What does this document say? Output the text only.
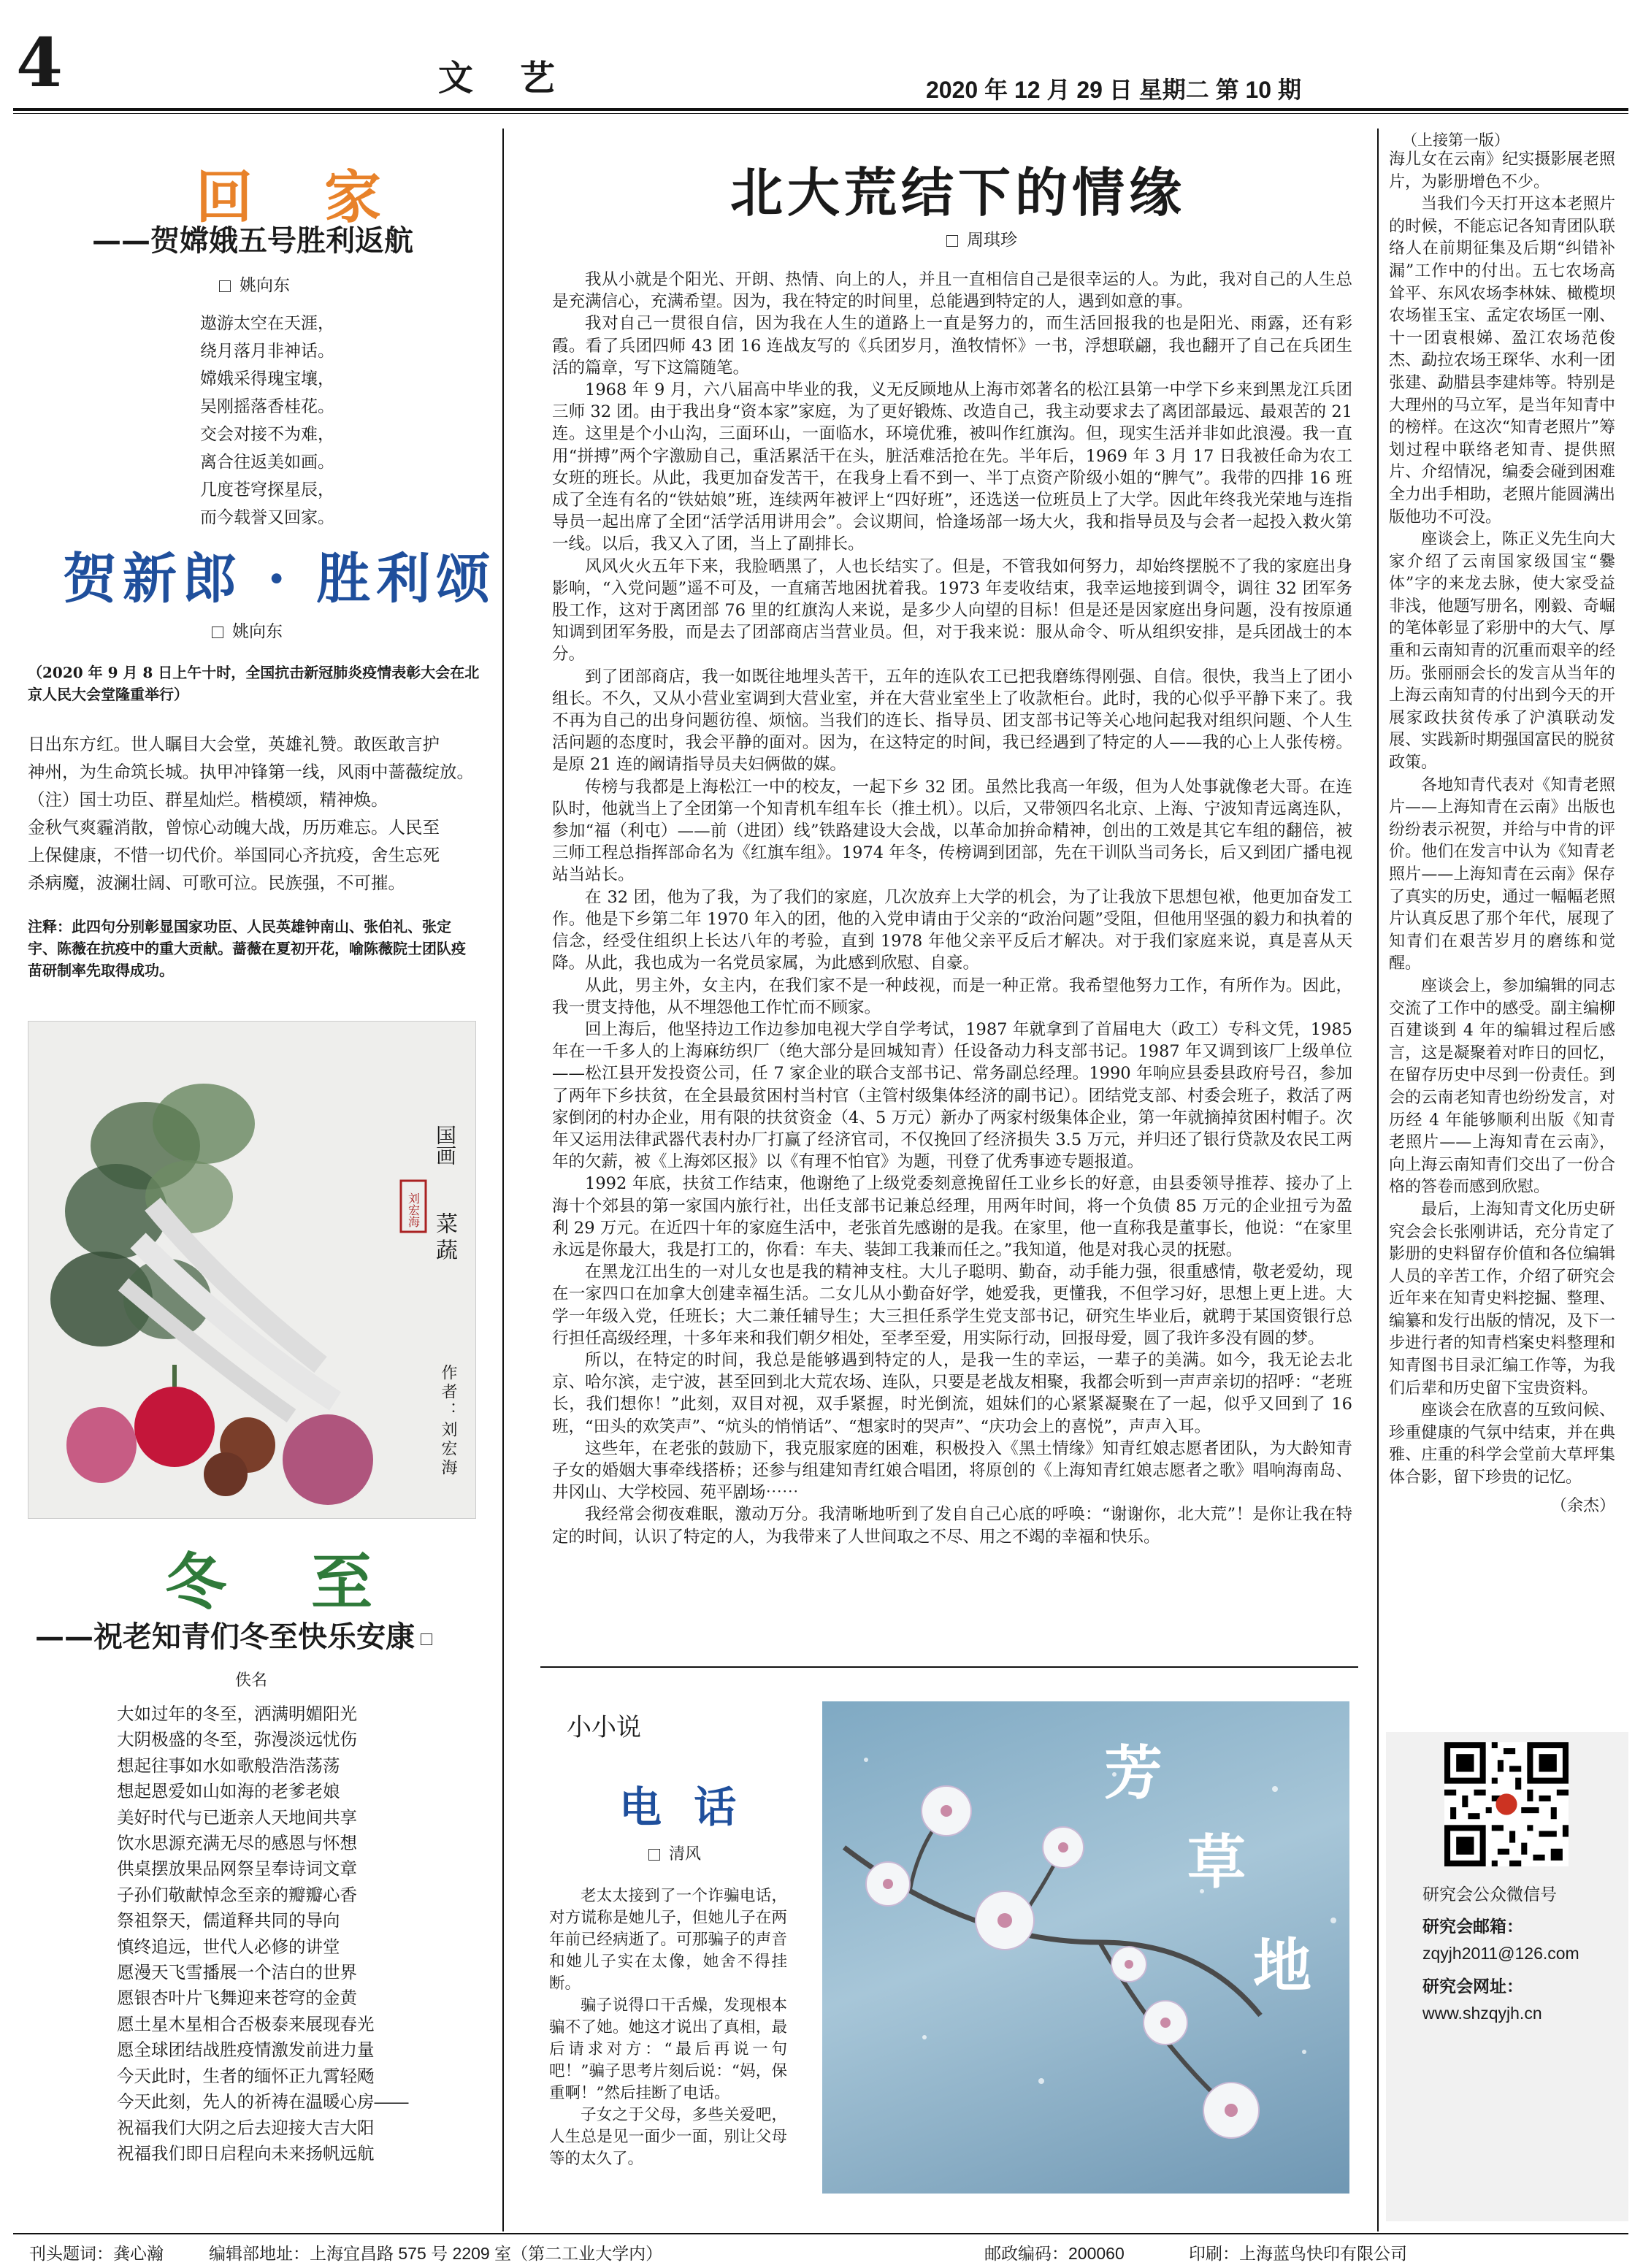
4	文　艺	2020 年 12 月 29 日 星期二 第 10 期
回　家
——贺嫦娥五号胜利返航
姚向东
遨游太空在天涯，
绕月落月非神话。
嫦娥采得瑰宝壤，
吴刚摇落香桂花。
交会对接不为难，
离合往返美如画。
几度苍穹探星辰，
而今载誉又回家。
贺新郎 · 胜利颂
姚向东
（2020 年 9 月 8 日上午十时，全国抗击新冠肺炎疫情表彰大会在北京人民大会堂隆重举行）
日出东方红。世人瞩目大会堂，英雄礼赞。敢医敢言护
神州，为生命筑长城。执甲冲锋第一线，风雨中蔷薇绽放。
（注）国士功臣、群星灿烂。楷模颂，精神焕。
金秋气爽霾消散，曾惊心动魄大战，历历难忘。人民至
上保健康，不惜一切代价。举国同心齐抗疫，舍生忘死
杀病魔，波澜壮阔、可歌可泣。民族强，不可摧。
注释：此四句分别彰显国家功臣、人民英雄钟南山、张伯礼、张定宇、陈薇在抗疫中的重大贡献。蔷薇在夏初开花，喻陈薇院士团队疫苗研制率先取得成功。
刘宏海
国画
菜蔬
作者：刘宏海
冬　至
——祝老知青们冬至快乐安康
佚名
大如过年的冬至，洒满明媚阳光
大阴极盛的冬至，弥漫淡远忧伤
想起往事如水如歌般浩浩荡荡
想起恩爱如山如海的老爹老娘
美好时代与已逝亲人天地间共享
饮水思源充满无尽的感恩与怀想
供桌摆放果品网祭呈奉诗词文章
子孙们敬献悼念至亲的瓣瓣心香
祭祖祭天，儒道释共同的导向
慎终追远，世代人必修的讲堂
愿漫天飞雪播展一个洁白的世界
愿银杏叶片飞舞迎来苍穹的金黄
愿土星木星相合否极泰来展现春光
愿全球团结战胜疫情激发前进力量
今天此时，生者的缅怀正九霄轻飏
今天此刻，先人的祈祷在温暖心房——
祝福我们大阴之后去迎接大吉大阳
祝福我们即日启程向未来扬帆远航
北大荒结下的情缘
周琪珍

我从小就是个阳光、开朗、热情、向上的人，并且一直相信自己是很幸运的人。为此，我对自己的人生总是充满信心，充满希望。因为，我在特定的时间里，总能遇到特定的人，遇到如意的事。

我对自己一贯很自信，因为我在人生的道路上一直是努力的，而生活回报我的也是阳光、雨露，还有彩霞。看了兵团四师 43 团 16 连战友写的《兵团岁月，渔牧情怀》一书，浮想联翩，我也翻开了自己在兵团生活的篇章，写下这篇随笔。

1968 年 9 月，六八届高中毕业的我，义无反顾地从上海市郊著名的松江县第一中学下乡来到黑龙江兵团三师 32 团。由于我出身“资本家”家庭，为了更好锻炼、改造自己，我主动要求去了离团部最远、最艰苦的 21 连。这里是个小山沟，三面环山，一面临水，环境优雅，被叫作红旗沟。但，现实生活并非如此浪漫。我一直用“拼搏”两个字激励自己，重活累活干在头，脏活难活抢在先。半年后，1969 年 3 月 17 日我被任命为农工女班的班长。从此，我更加奋发苦干，在我身上看不到一、半丁点资产阶级小姐的“脾气”。我带的四排 16 班成了全连有名的“铁姑娘”班，连续两年被评上“四好班”，还选送一位班员上了大学。因此年终我光荣地与连指导员一起出席了全团“活学活用讲用会”。会议期间，恰逢场部一场大火，我和指导员及与会者一起投入救火第一线。以后，我又入了团，当上了副排长。

风风火火五年下来，我脸晒黑了，人也长结实了。但是，不管我如何努力，却始终摆脱不了我的家庭出身影响，“入党问题”遥不可及，一直痛苦地困扰着我。1973 年麦收结束，我幸运地接到调令，调往 32 团军务股工作，这对于离团部 76 里的红旗沟人来说，是多少人向望的目标！但是还是因家庭出身问题，没有按原通知调到团军务股，而是去了团部商店当营业员。但，对于我来说：服从命令、听从组织安排，是兵团战士的本分。

到了团部商店，我一如既往地埋头苦干，五年的连队农工已把我磨练得刚强、自信。很快，我当上了团小组长。不久，又从小营业室调到大营业室，并在大营业室坐上了收款柜台。此时，我的心似乎平静下来了。我不再为自己的出身问题彷徨、烦恼。当我们的连长、指导员、团支部书记等关心地问起我对组织问题、个人生活问题的态度时，我会平静的面对。因为，在这特定的时间，我已经遇到了特定的人——我的心上人张传榜。是原 21 连的阚请指导员夫妇俩做的媒。

传榜与我都是上海松江一中的校友，一起下乡 32 团。虽然比我高一年级，但为人处事就像老大哥。在连队时，他就当上了全团第一个知青机车组车长（推土机）。以后，又带领四名北京、上海、宁波知青远离连队，参加“福（利屯）——前（进团）线”铁路建设大会战，以革命加拚命精神，创出的工效是其它车组的翻倍，被三师工程总指挥部命名为《红旗车组》。1974 年冬，传榜调到团部，先在干训队当司务长，后又到团广播电视站当站长。

在 32 团，他为了我，为了我们的家庭，几次放弃上大学的机会，为了让我放下思想包袱，他更加奋发工作。他是下乡第二年 1970 年入的团，他的入党申请由于父亲的“政治问题”受阻，但他用坚强的毅力和执着的信念，经受住组织上长达八年的考验，直到 1978 年他父亲平反后才解决。对于我们家庭来说，真是喜从天降。从此，我也成为一名党员家属，为此感到欣慰、自豪。

从此，男主外，女主内，在我们家不是一种歧视，而是一种正常。我希望他努力工作，有所作为。因此，我一贯支持他，从不埋怨他工作忙而不顾家。

回上海后，他坚持边工作边参加电视大学自学考试，1987 年就拿到了首届电大（政工）专科文凭，1985 年在一千多人的上海麻纺织厂（绝大部分是回城知青）任设备动力科支部书记。1987 年又调到该厂上级单位——松江县开发投资公司，任 7 家企业的联合支部书记、常务副总经理。1990 年响应县委县政府号召，参加了两年下乡扶贫，在全县最贫困村当村官（主管村级集体经济的副书记）。团结党支部、村委会班子，救活了两家倒闭的村办企业，用有限的扶贫资金（4、5 万元）新办了两家村级集体企业，第一年就摘掉贫困村帽子。次年又运用法律武器代表村办厂打赢了经济官司，不仅挽回了经济损失 3.5 万元，并归还了银行贷款及农民工两年的欠薪，被《上海郊区报》以《有理不怕官》为题，刊登了优秀事迹专题报道。

1992 年底，扶贫工作结束，他谢绝了上级党委刻意挽留任工业乡长的好意，由县委领导推荐、接办了上海十个郊县的第一家国内旅行社，出任支部书记兼总经理，用两年时间，将一个负债 85 万元的企业扭亏为盈利 29 万元。在近四十年的家庭生活中，老张首先感谢的是我。在家里，他一直称我是董事长，他说：“在家里永远是你最大，我是打工的，你看：车夫、装卸工我兼而任之。”我知道，他是对我心灵的抚慰。

在黑龙江出生的一对儿女也是我的精神支柱。大儿子聪明、勤奋，动手能力强，很重感情，敬老爱幼，现在一家四口在加拿大创建幸福生活。二女儿从小勤奋好学，她爱我，更懂我，不但学习好，思想上更上进。大学一年级入党，任班长；大二兼任辅导生；大三担任系学生党支部书记，研究生毕业后，就聘于某国资银行总行担任高级经理，十多年来和我们朝夕相处，至孝至爱，用实际行动，回报母爱，圆了我许多没有圆的梦。

所以，在特定的时间，我总是能够遇到特定的人，是我一生的幸运，一辈子的美满。如今，我无论去北京、哈尔滨，走宁波，甚至回到北大荒农场、连队，只要是老战友相聚，我都会听到一声声亲切的招呼：“老班长，我们想你！”此刻，双目对视，双手紧握，时光倒流，姐妹们的心紧紧凝聚在了一起，似乎又回到了 16 班，“田头的欢笑声”、“炕头的悄悄话”、“想家时的哭声”、“庆功会上的喜悦”，声声入耳。

这些年，在老张的鼓励下，我克服家庭的困难，积极投入《黑土情缘》知青红娘志愿者团队，为大龄知青子女的婚姻大事牵线搭桥；还参与组建知青红娘合唱团，将原创的《上海知青红娘志愿者之歌》唱响海南岛、井冈山、大学校园、苑平剧场⋯⋯

我经常会彻夜难眠，激动万分。我清晰地听到了发自自己心底的呼唤：“谢谢你，北大荒”！是你让我在特定的时间，认识了特定的人，为我带来了人世间取之不尽、用之不竭的幸福和快乐。

小小说
电 话
清风

老太太接到了一个诈骗电话，对方谎称是她儿子，但她儿子在两年前已经病逝了。可那骗子的声音和她儿子实在太像，她舍不得挂断。

骗子说得口干舌燥，发现根本骗不了她。她这才说出了真相，最后请求对方：“最后再说一句吧！”骗子思考片刻后说：“妈，保重啊！”然后挂断了电话。

子女之于父母，多些关爱吧，人生总是见一面少一面，别让父母等的太久了。

芳
草
地
（上接第一版）

海儿女在云南》纪实摄影展老照片，为影册增色不少。

当我们今天打开这本老照片的时候，不能忘记各知青团队联络人在前期征集及后期“纠错补漏”工作中的付出。五七农场高耸平、东风农场李林妹、橄榄坝农场崔玉宝、孟定农场匡一刚、十一团袁根娣、盈江农场范俊杰、勐拉农场王琛华、水利一团张建、勐腊县李建炜等。特别是大理州的马立军，是当年知青中的榜样。在这次“知青老照片”筹划过程中联络老知青、提供照片、介绍情况，编委会碰到困难全力出手相助，老照片能圆满出版他功不可没。

座谈会上，陈正义先生向大家介绍了云南国家级国宝“爨体”字的来龙去脉，使大家受益非浅，他题写册名，刚毅、奇崛的笔体彰显了彩册中的大气、厚重和云南知青的沉重而艰辛的经历。张丽丽会长的发言从当年的上海云南知青的付出到今天的开展家政扶贫传承了沪滇联动发展、实践新时期强国富民的脱贫政策。

各地知青代表对《知青老照片——上海知青在云南》出版也纷纷表示祝贺，并给与中肯的评价。他们在发言中认为《知青老照片——上海知青在云南》保存了真实的历史，通过一幅幅老照片认真反思了那个年代，展现了知青们在艰苦岁月的磨练和觉醒。

座谈会上，参加编辑的同志交流了工作中的感受。副主编柳百建谈到 4 年的编辑过程后感言，这是凝聚着对昨日的回忆，在留存历史中尽到一份责任。到会的云南老知青也纷纷发言，对历经 4 年能够顺利出版《知青老照片——上海知青在云南》，向上海云南知青们交出了一份合格的答卷而感到欣慰。

最后，上海知青文化历史研究会会长张刚讲话，充分肯定了影册的史料留存价值和各位编辑人员的辛苦工作，介绍了研究会近年来在知青史料挖掘、整理、编纂和发行出版的情况，及下一步进行者的知青档案史料整理和知青图书目录汇编工作等，为我们后辈和历史留下宝贵资料。

座谈会在欣喜的互致问候、珍重健康的气氛中结束，并在典雅、庄重的科学会堂前大草坪集体合影，留下珍贵的记忆。

（余杰）

研究会公众微信号
研究会邮箱：
zqyjh2011@126.com
研究会网址：
www.shzqyjh.cn
刊头题词：龚心瀚	编辑部地址：上海宜昌路 575 号 2209 室（第二工业大学内）	邮政编码：200060	印刷：上海蓝鸟快印有限公司
